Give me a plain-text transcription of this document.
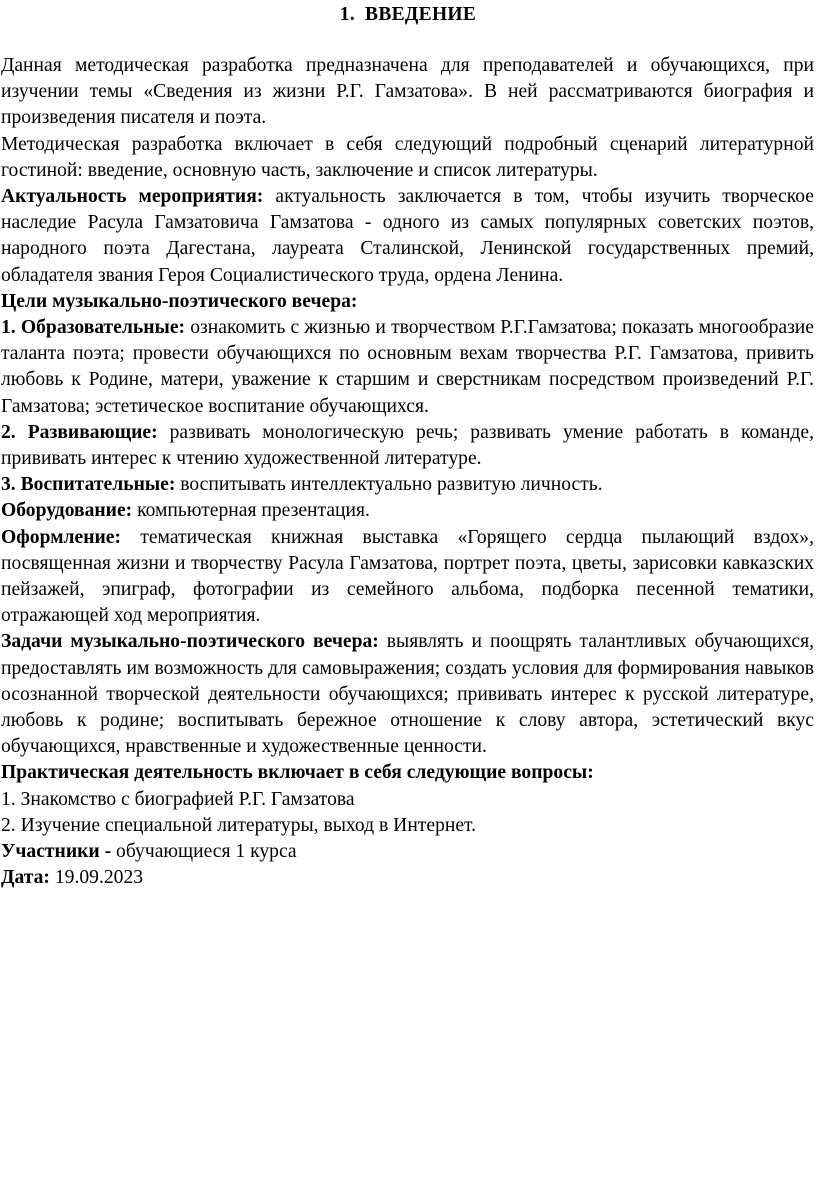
1. ВВЕДЕНИЕ

Данная методическая разработка предназначена для преподавателей и обучающихся, при изучении темы «Сведения из жизни Р.Г. Гамзатова». В ней рассматриваются биография и произведения писателя и поэта.

Методическая разработка включает в себя следующий подробный сценарий литературной гостиной: введение, основную часть, заключение и список литературы.

Актуальность мероприятия: актуальность заключается в том, чтобы изучить творческое наследие Расула Гамзатовича Гамзатова - одного из самых популярных советских поэтов, народного поэта Дагестана, лауреата Сталинской, Ленинской государственных премий, обладателя звания Героя Социалистического труда, ордена Ленина.

Цели музыкально-поэтического вечера:

1. Образовательные: ознакомить с жизнью и творчеством Р.Г.Гамзатова; показать многообразие таланта поэта; провести обучающихся по основным вехам творчества Р.Г. Гамзатова, привить любовь к Родине, матери, уважение к старшим и сверстникам посредством произведений Р.Г. Гамзатова; эстетическое воспитание обучающихся.

2. Развивающие: развивать монологическую речь; развивать умение работать в команде, прививать интерес к чтению художественной литературе.

3. Воспитательные: воспитывать интеллектуально развитую личность.

Оборудование: компьютерная презентация.

Оформление: тематическая книжная выставка «Горящего сердца пылающий вздох», посвященная жизни и творчеству Расула Гамзатова, портрет поэта, цветы, зарисовки кавказских пейзажей, эпиграф, фотографии из семейного альбома, подборка песенной тематики, отражающей ход мероприятия.

Задачи музыкально-поэтического вечера: выявлять и поощрять талантливых обучающихся, предоставлять им возможность для самовыражения; создать условия для формирования навыков осознанной творческой деятельности обучающихся; прививать интерес к русской литературе, любовь к родине; воспитывать бережное отношение к слову автора, эстетический вкус обучающихся, нравственные и художественные ценности.

Практическая деятельность включает в себя следующие вопросы:

1. Знакомство с биографией Р.Г. Гамзатова

2. Изучение специальной литературы, выход в Интернет.

Участники - обучающиеся 1 курса

Дата: 19.09.2023
